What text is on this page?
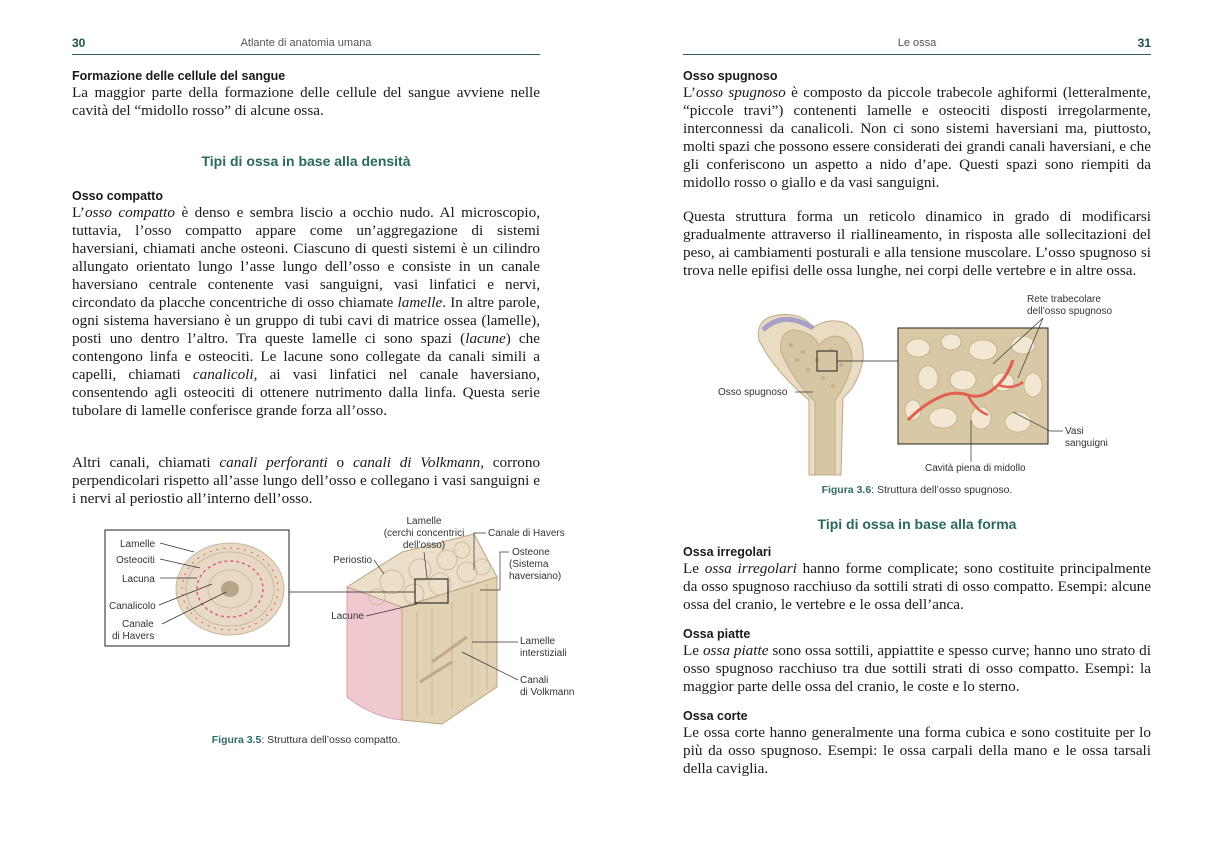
30	Atlante di anatomia umana

Formazione delle cellule del sangue

La maggior parte della formazione delle cellule del sangue avviene nelle cavità del “midollo rosso” di alcune ossa.

Tipi di ossa in base alla densità

Osso compatto

L’osso compatto è denso e sembra liscio a occhio nudo. Al microscopio, tuttavia, l’osso compatto appare come un’aggregazione di sistemi haversiani, chiamati anche osteoni. Ciascuno di questi sistemi è un cilindro allungato orientato lungo l’asse lungo dell’osso e consiste in un canale haversiano centrale contenente vasi sanguigni, vasi linfatici e nervi, circondato da placche concentriche di osso chiamate lamelle. In altre parole, ogni sistema haversiano è un gruppo di tubi cavi di matrice ossea (lamelle), posti uno dentro l’altro. Tra queste lamelle ci sono spazi (lacune) che contengono linfa e osteociti. Le lacune sono collegate da canali simili a capelli, chiamati canalicoli, ai vasi linfatici nel canale haversiano, consentendo agli osteociti di ottenere nutrimento dalla linfa. Questa serie tubolare di lamelle conferisce grande forza all’osso.

Altri canali, chiamati canali perforanti o canali di Volkmann, corrono perpendicolari rispetto all’asse lungo dell’osso e collegano i vasi sanguigni e i nervi al periostio all’interno dell’osso.

Lamelle
Osteociti
Lacuna
Canalicolo
Canale
di Havers
Lamelle
(cerchi concentrici
dell’osso)
Periostio
Canale di Havers
Osteone
(Sistema
haversiano)
Lacune
Lamelle
interstiziali
Canali
di Volkmann
Figura 3.5: Struttura dell’osso compatto.
Le ossa	31

Osso spugnoso

L’osso spugnoso è composto da piccole trabecole aghiformi (letteralmente, “piccole travi”) contenenti lamelle e osteociti disposti irregolarmente, interconnessi da canalicoli. Non ci sono sistemi haversiani ma, piuttosto, molti spazi che possono essere considerati dei grandi canali haversiani, e che gli conferiscono un aspetto a nido d’ape. Questi spazi sono riempiti da midollo rosso o giallo e da vasi sanguigni.

Questa struttura forma un reticolo dinamico in grado di modificarsi gradualmente attraverso il riallineamento, in risposta alle sollecitazioni del peso, ai cambiamenti posturali e alla tensione muscolare. L’osso spugnoso si trova nelle epifisi delle ossa lunghe, nei corpi delle vertebre e in altre ossa.

Rete trabecolare
dell’osso spugnoso
Osso spugnoso
Vasi
sanguigni
Cavità piena di midollo
Figura 3.6: Struttura dell’osso spugnoso.
Tipi di ossa in base alla forma

Ossa irregolari

Le ossa irregolari hanno forme complicate; sono costituite principalmente da osso spugnoso racchiuso da sottili strati di osso compatto. Esempi: alcune ossa del cranio, le vertebre e le ossa dell’anca.

Ossa piatte

Le ossa piatte sono ossa sottili, appiattite e spesso curve; hanno uno strato di osso spugnoso racchiuso tra due sottili strati di osso compatto. Esempi: la maggior parte delle ossa del cranio, le coste e lo sterno.

Ossa corte

Le ossa corte hanno generalmente una forma cubica e sono costituite per lo più da osso spugnoso. Esempi: le ossa carpali della mano e le ossa tarsali della caviglia.
